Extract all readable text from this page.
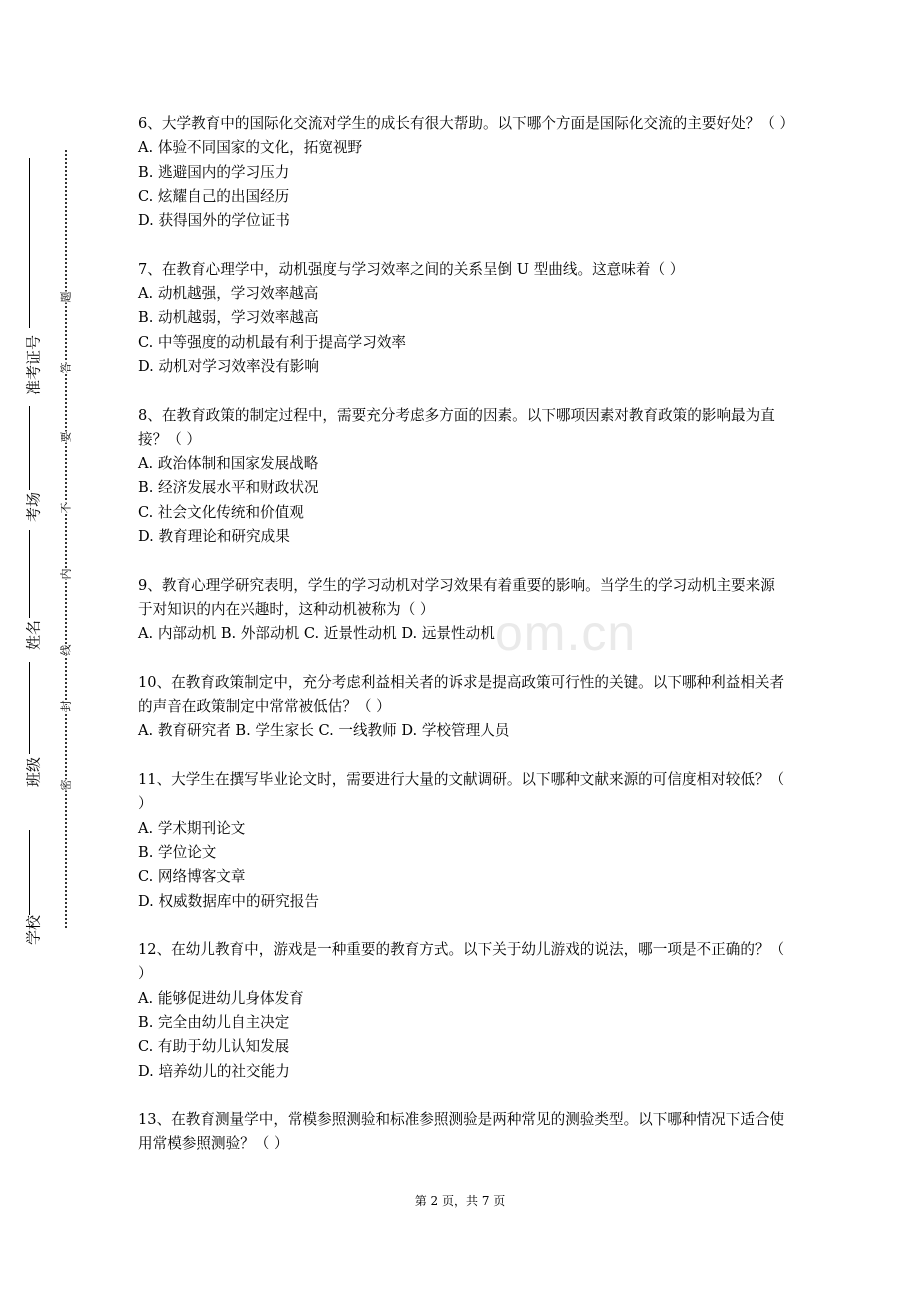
学校
班级
姓名
考场
准考证号
密
封
线
内
不
要
答
题
om.cn

6、大学教育中的国际化交流对学生的成长有很大帮助。以下哪个方面是国际化交流的主要好处？（ ）

A. 体验不同国家的文化，拓宽视野

B. 逃避国内的学习压力

C. 炫耀自己的出国经历

D. 获得国外的学位证书

7、在教育心理学中，动机强度与学习效率之间的关系呈倒 U 型曲线。这意味着（ ）

A. 动机越强，学习效率越高

B. 动机越弱，学习效率越高

C. 中等强度的动机最有利于提高学习效率

D. 动机对学习效率没有影响

8、在教育政策的制定过程中，需要充分考虑多方面的因素。以下哪项因素对教育政策的影响最为直接？（ ）

A. 政治体制和国家发展战略

B. 经济发展水平和财政状况

C. 社会文化传统和价值观

D. 教育理论和研究成果

9、教育心理学研究表明，学生的学习动机对学习效果有着重要的影响。当学生的学习动机主要来源于对知识的内在兴趣时，这种动机被称为（ ）

A. 内部动机 B. 外部动机 C. 近景性动机 D. 远景性动机

10、在教育政策制定中，充分考虑利益相关者的诉求是提高政策可行性的关键。以下哪种利益相关者的声音在政策制定中常常被低估？（ ）

A. 教育研究者 B. 学生家长 C. 一线教师 D. 学校管理人员

11、大学生在撰写毕业论文时，需要进行大量的文献调研。以下哪种文献来源的可信度相对较低？（ ）

A. 学术期刊论文

B. 学位论文

C. 网络博客文章

D. 权威数据库中的研究报告

12、在幼儿教育中，游戏是一种重要的教育方式。以下关于幼儿游戏的说法，哪一项是不正确的？（ ）

A. 能够促进幼儿身体发育

B. 完全由幼儿自主决定

C. 有助于幼儿认知发展

D. 培养幼儿的社交能力

13、在教育测量学中，常模参照测验和标准参照测验是两种常见的测验类型。以下哪种情况下适合使用常模参照测验？（ ）

第 2 页，共 7 页
